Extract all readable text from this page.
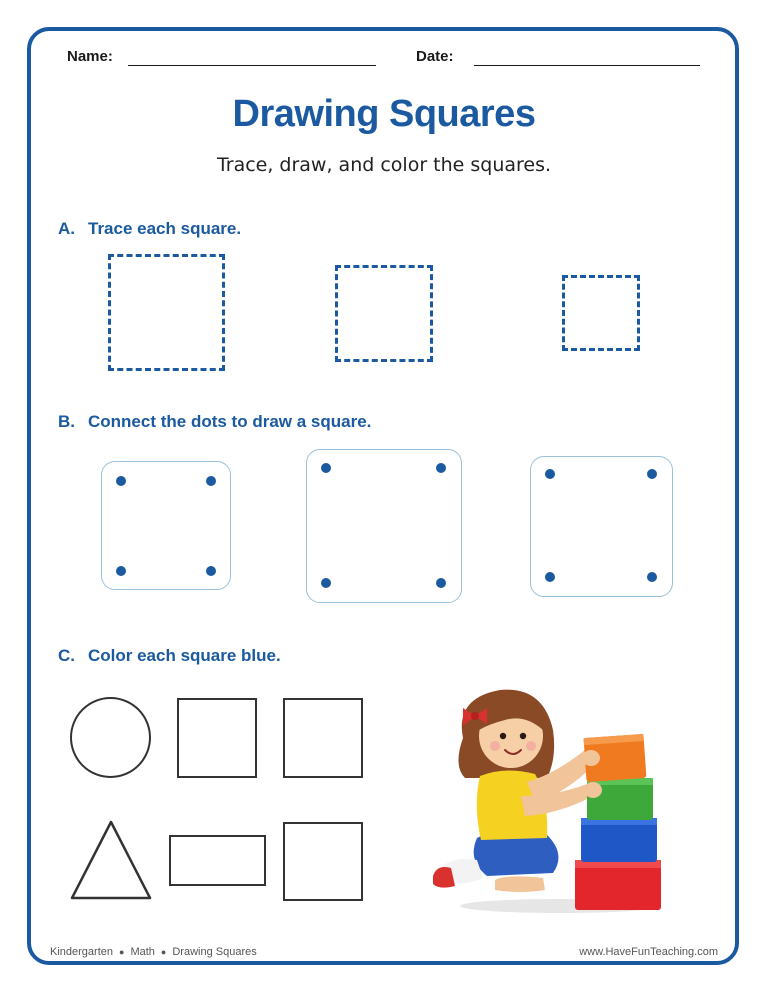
Name:	Date:
Drawing Squares
Trace, draw, and color the squares.
A. Trace each square.
B. Connect the dots to draw a square.
C. Color each square blue.
Kindergarten ● Math ● Drawing Squares	www.HaveFunTeaching.com
